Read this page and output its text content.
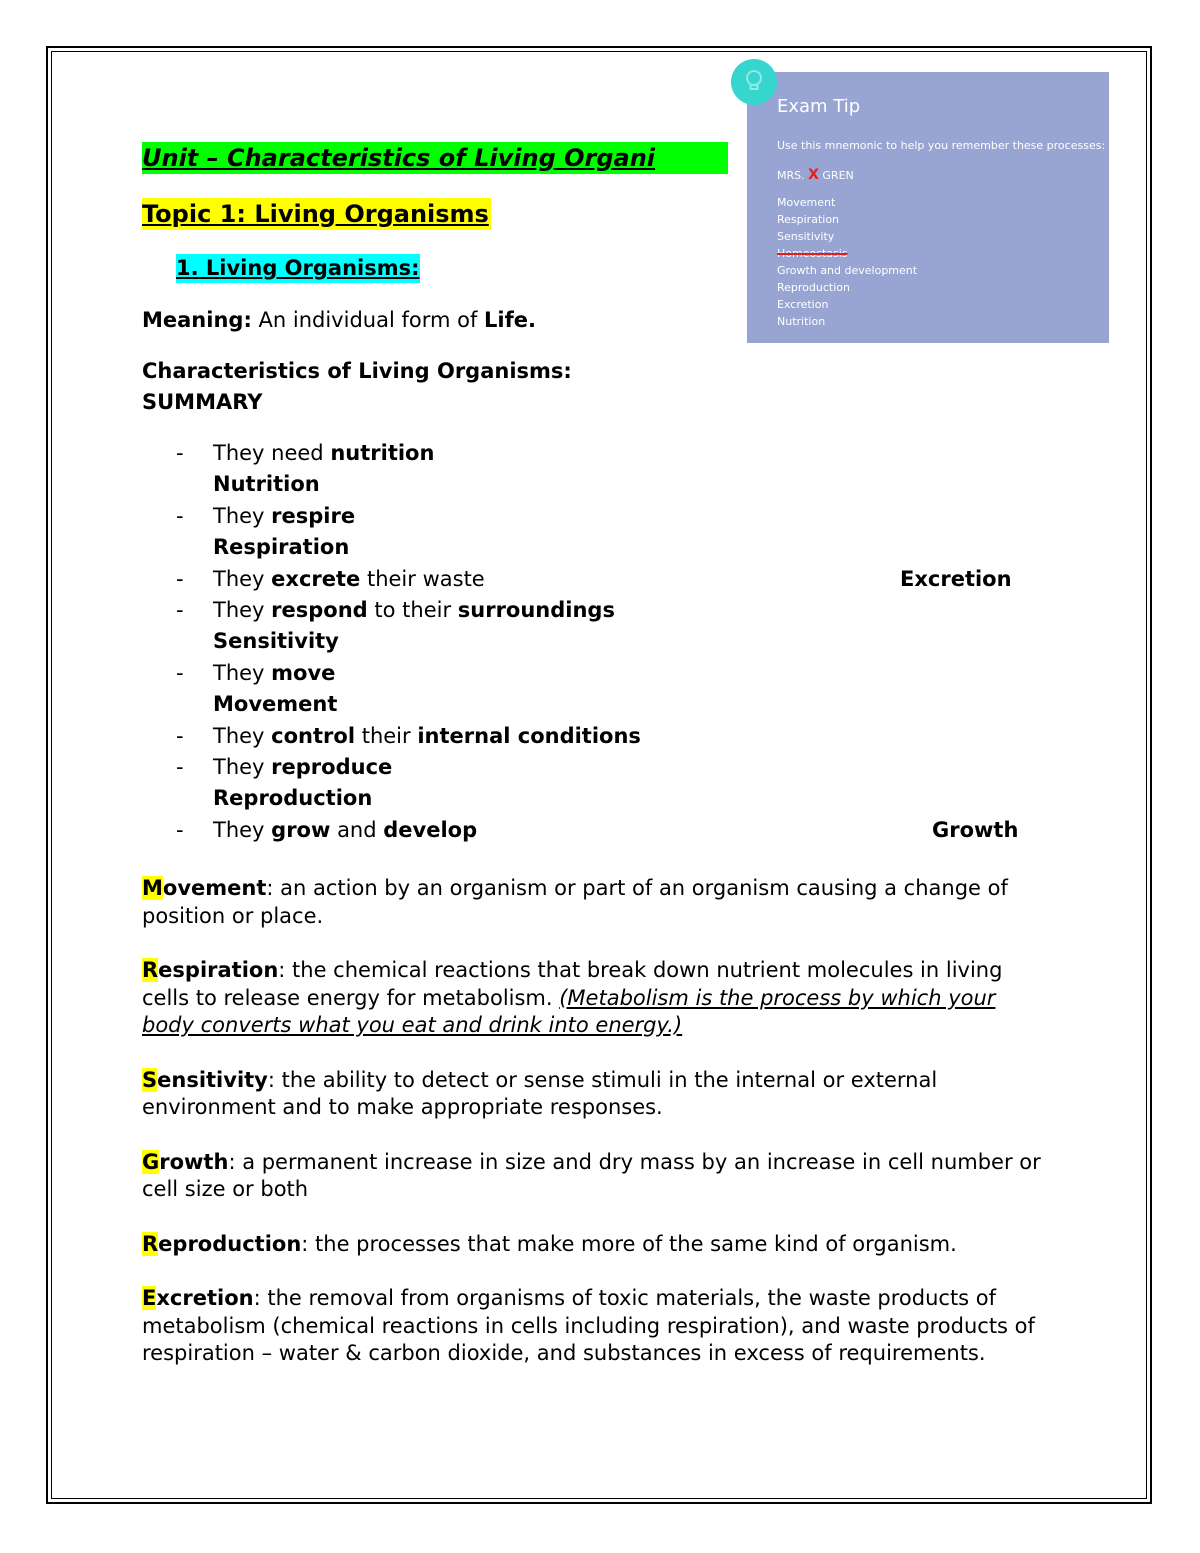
Exam Tip
Use this mnemonic to help you remember these processes:
MRS. X GREN
Movement
Respiration
Sensitivity
Homeostasis
Growth and development
Reproduction
Excretion
Nutrition
Unit – Characteristics of Living Organi
Topic 1: Living Organisms
1. Living Organisms:
Meaning: An individual form of Life.
Characteristics of Living Organisms:
SUMMARY
- They need nutrition
Nutrition
- They respire
Respiration
- They excrete their waste	Excretion
- They respond to their surroundings
Sensitivity
- They move
Movement
- They control their internal conditions
- They reproduce
Reproduction
- They grow and develop	Growth

Movement: an action by an organism or part of an organism causing a change of position or place.

Respiration: the chemical reactions that break down nutrient molecules in living cells to release energy for metabolism. (Metabolism is the process by which your body converts what you eat and drink into energy.)

Sensitivity: the ability to detect or sense stimuli in the internal or external environment and to make appropriate responses.

Growth: a permanent increase in size and dry mass by an increase in cell number or cell size or both

Reproduction: the processes that make more of the same kind of organism.

Excretion: the removal from organisms of toxic materials, the waste products of metabolism (chemical reactions in cells including respiration), and waste products of respiration – water & carbon dioxide, and substances in excess of requirements.
